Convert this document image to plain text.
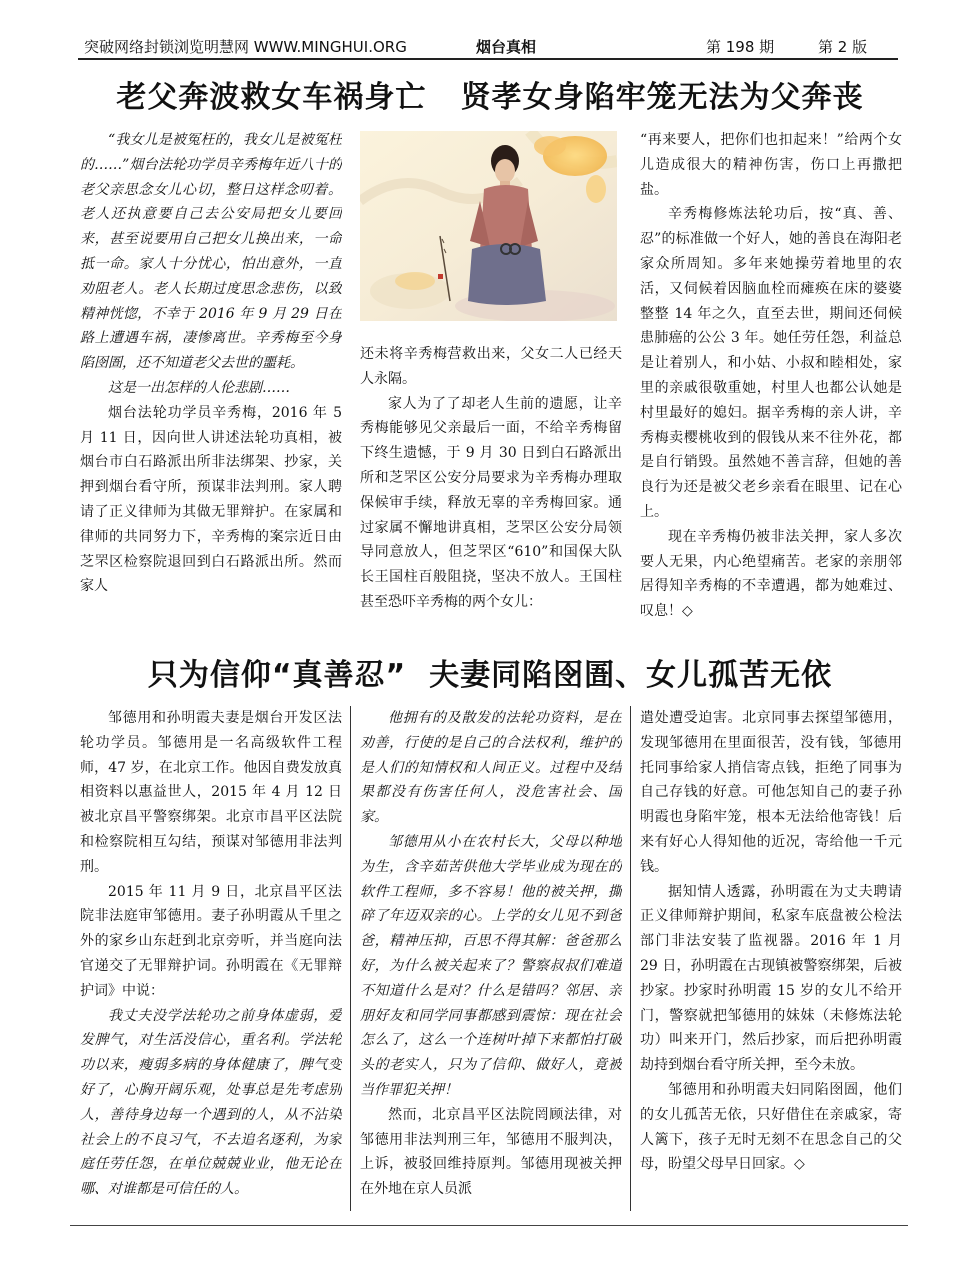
突破网络封锁浏览明慧网 WWW.MINGHUI.ORG	烟台真相	第 198 期	第 2 版
老父奔波救女车祸身亡   贤孝女身陷牢笼无法为父奔丧

“我女儿是被冤枉的，我女儿是被冤枉的……”烟台法轮功学员辛秀梅年近八十的老父亲思念女儿心切，整日这样念叨着。老人还执意要自己去公安局把女儿要回来，甚至说要用自己把女儿换出来，一命抵一命。家人十分忧心，怕出意外，一直劝阻老人。老人长期过度思念悲伤，以致精神恍惚，不幸于 2016 年 9 月 29 日在路上遭遇车祸，凄惨离世。辛秀梅至今身陷囹圄，还不知道老父去世的噩耗。

这是一出怎样的人伦悲剧……

烟台法轮功学员辛秀梅，2016 年 5 月 11 日，因向世人讲述法轮功真相，被烟台市白石路派出所非法绑架、抄家，关押到烟台看守所，预谋非法判刑。家人聘请了正义律师为其做无罪辩护。在家属和律师的共同努力下，辛秀梅的案宗近日由芝罘区检察院退回到白石路派出所。然而家人

还未将辛秀梅营救出来，父女二人已经天人永隔。

家人为了了却老人生前的遗愿，让辛秀梅能够见父亲最后一面，不给辛秀梅留下终生遗憾，于 9 月 30 日到白石路派出所和芝罘区公安分局要求为辛秀梅办理取保候审手续，释放无辜的辛秀梅回家。通过家属不懈地讲真相，芝罘区公安分局领导同意放人，但芝罘区“610”和国保大队长王国柱百般阻挠，坚决不放人。王国柱甚至恐吓辛秀梅的两个女儿：

“再来要人，把你们也扣起来！”给两个女儿造成很大的精神伤害，伤口上再撒把盐。

辛秀梅修炼法轮功后，按“真、善、忍”的标准做一个好人，她的善良在海阳老家众所周知。多年来她操劳着地里的农活，又伺候着因脑血栓而瘫痪在床的婆婆整整 14 年之久，直至去世，期间还伺候患肺癌的公公 3 年。她任劳任怨，利益总是让着别人，和小姑、小叔和睦相处，家里的亲戚很敬重她，村里人也都公认她是村里最好的媳妇。据辛秀梅的亲人讲，辛秀梅卖樱桃收到的假钱从来不往外花，都是自行销毁。虽然她不善言辞，但她的善良行为还是被父老乡亲看在眼里、记在心上。

现在辛秀梅仍被非法关押，家人多次要人无果，内心绝望痛苦。老家的亲朋邻居得知辛秀梅的不幸遭遇，都为她难过、叹息！◇

只为信仰“真善忍”  夫妻同陷囹圄、女儿孤苦无依

邹德用和孙明霞夫妻是烟台开发区法轮功学员。邹德用是一名高级软件工程师，47 岁，在北京工作。他因自费发放真相资料以惠益世人，2015 年 4 月 12 日被北京昌平警察绑架。北京市昌平区法院和检察院相互勾结，预谋对邹德用非法判刑。

2015 年 11 月 9 日，北京昌平区法院非法庭审邹德用。妻子孙明霞从千里之外的家乡山东赶到北京旁听，并当庭向法官递交了无罪辩护词。孙明霞在《无罪辩护词》中说：

我丈夫没学法轮功之前身体虚弱，爱发脾气，对生活没信心，重名利。学法轮功以来，瘦弱多病的身体健康了，脾气变好了，心胸开阔乐观，处事总是先考虑别人，善待身边每一个遇到的人，从不沾染社会上的不良习气，不去追名逐利，为家庭任劳任怨，在单位兢兢业业，他无论在哪、对谁都是可信任的人。

他拥有的及散发的法轮功资料，是在劝善，行使的是自己的合法权利，维护的是人们的知情权和人间正义。过程中及结果都没有伤害任何人，没危害社会、国家。

邹德用从小在农村长大，父母以种地为生，含辛茹苦供他大学毕业成为现在的软件工程师，多不容易！他的被关押，撕碎了年迈双亲的心。上学的女儿见不到爸爸，精神压抑，百思不得其解：爸爸那么好，为什么被关起来了？警察叔叔们难道不知道什么是对？什么是错吗？邻居、亲朋好友和同学同事都感到震惊：现在社会怎么了，这么一个连树叶掉下来都怕打破头的老实人，只为了信仰、做好人，竟被当作罪犯关押！

然而，北京昌平区法院罔顾法律，对邹德用非法判刑三年，邹德用不服判决，上诉，被驳回维持原判。邹德用现被关押在外地在京人员派

遣处遭受迫害。北京同事去探望邹德用，发现邹德用在里面很苦，没有钱，邹德用托同事给家人捎信寄点钱，拒绝了同事为自己存钱的好意。可他怎知自己的妻子孙明霞也身陷牢笼，根本无法给他寄钱！后来有好心人得知他的近况，寄给他一千元钱。

据知情人透露，孙明霞在为丈夫聘请正义律师辩护期间，私家车底盘被公检法部门非法安装了监视器。2016 年 1 月 29 日，孙明霞在古现镇被警察绑架，后被抄家。抄家时孙明霞 15 岁的女儿不给开门，警察就把邹德用的妹妹（未修炼法轮功）叫来开门，然后抄家，而后把孙明霞劫持到烟台看守所关押，至今未放。

邹德用和孙明霞夫妇同陷囹圄，他们的女儿孤苦无依，只好借住在亲戚家，寄人篱下，孩子无时无刻不在思念自己的父母，盼望父母早日回家。◇
